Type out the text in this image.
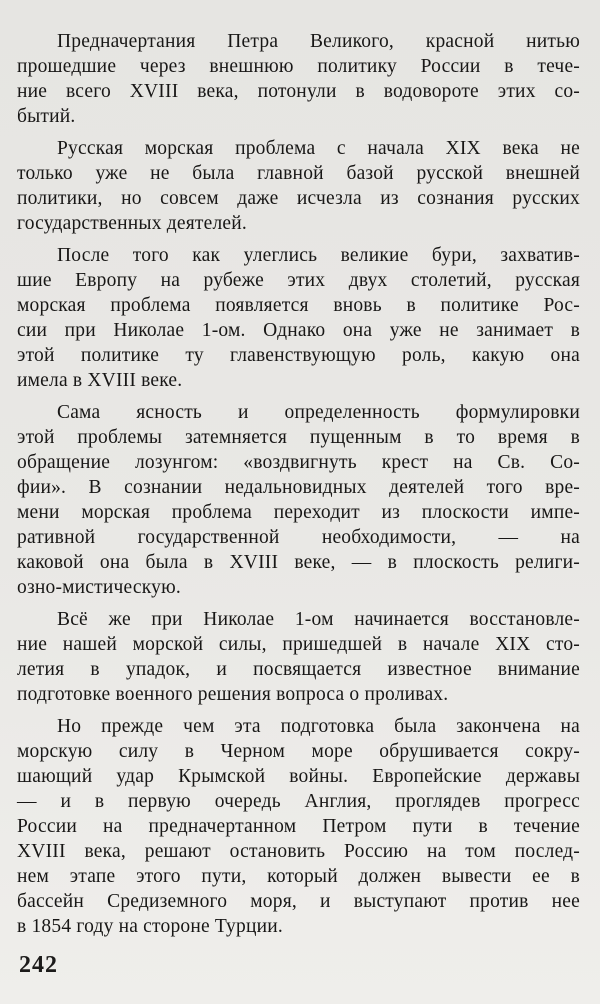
Предначертания Петра Великого, красной нитью
прошедшие через внешнюю политику России в тече-
ние всего XVIII века, потонули в водовороте этих со-
бытий.
Русская морская проблема с начала XIX века не
только уже не была главной базой русской внешней
политики, но совсем даже исчезла из сознания русских
государственных деятелей.
После того как улеглись великие бури, захватив-
шие Европу на рубеже этих двух столетий, русская
морская проблема появляется вновь в политике Рос-
сии при Николае 1-ом. Однако она уже не занимает в
этой политике ту главенствующую роль, какую она
имела в XVIII веке.
Сама ясность и определенность формулировки
этой проблемы затемняется пущенным в то время в
обращение лозунгом: «воздвигнуть крест на Св. Со-
фии». В сознании недальновидных деятелей того вре-
мени морская проблема переходит из плоскости импе-
ративной государственной необходимости, — на
каковой она была в XVIII веке, — в плоскость религи-
озно-мистическую.
Всё же при Николае 1-ом начинается восстановле-
ние нашей морской силы, пришедшей в начале XIX сто-
летия в упадок, и посвящается известное внимание
подготовке военного решения вопроса о проливах.
Но прежде чем эта подготовка была закончена на
морскую силу в Черном море обрушивается сокру-
шающий удар Крымской войны. Европейские державы
— и в первую очередь Англия, проглядев прогресс
России на предначертанном Петром пути в течение
XVIII века, решают остановить Россию на том послед-
нем этапе этого пути, который должен вывести ее в
бассейн Средиземного моря, и выступают против нее
в 1854 году на стороне Турции.
242
